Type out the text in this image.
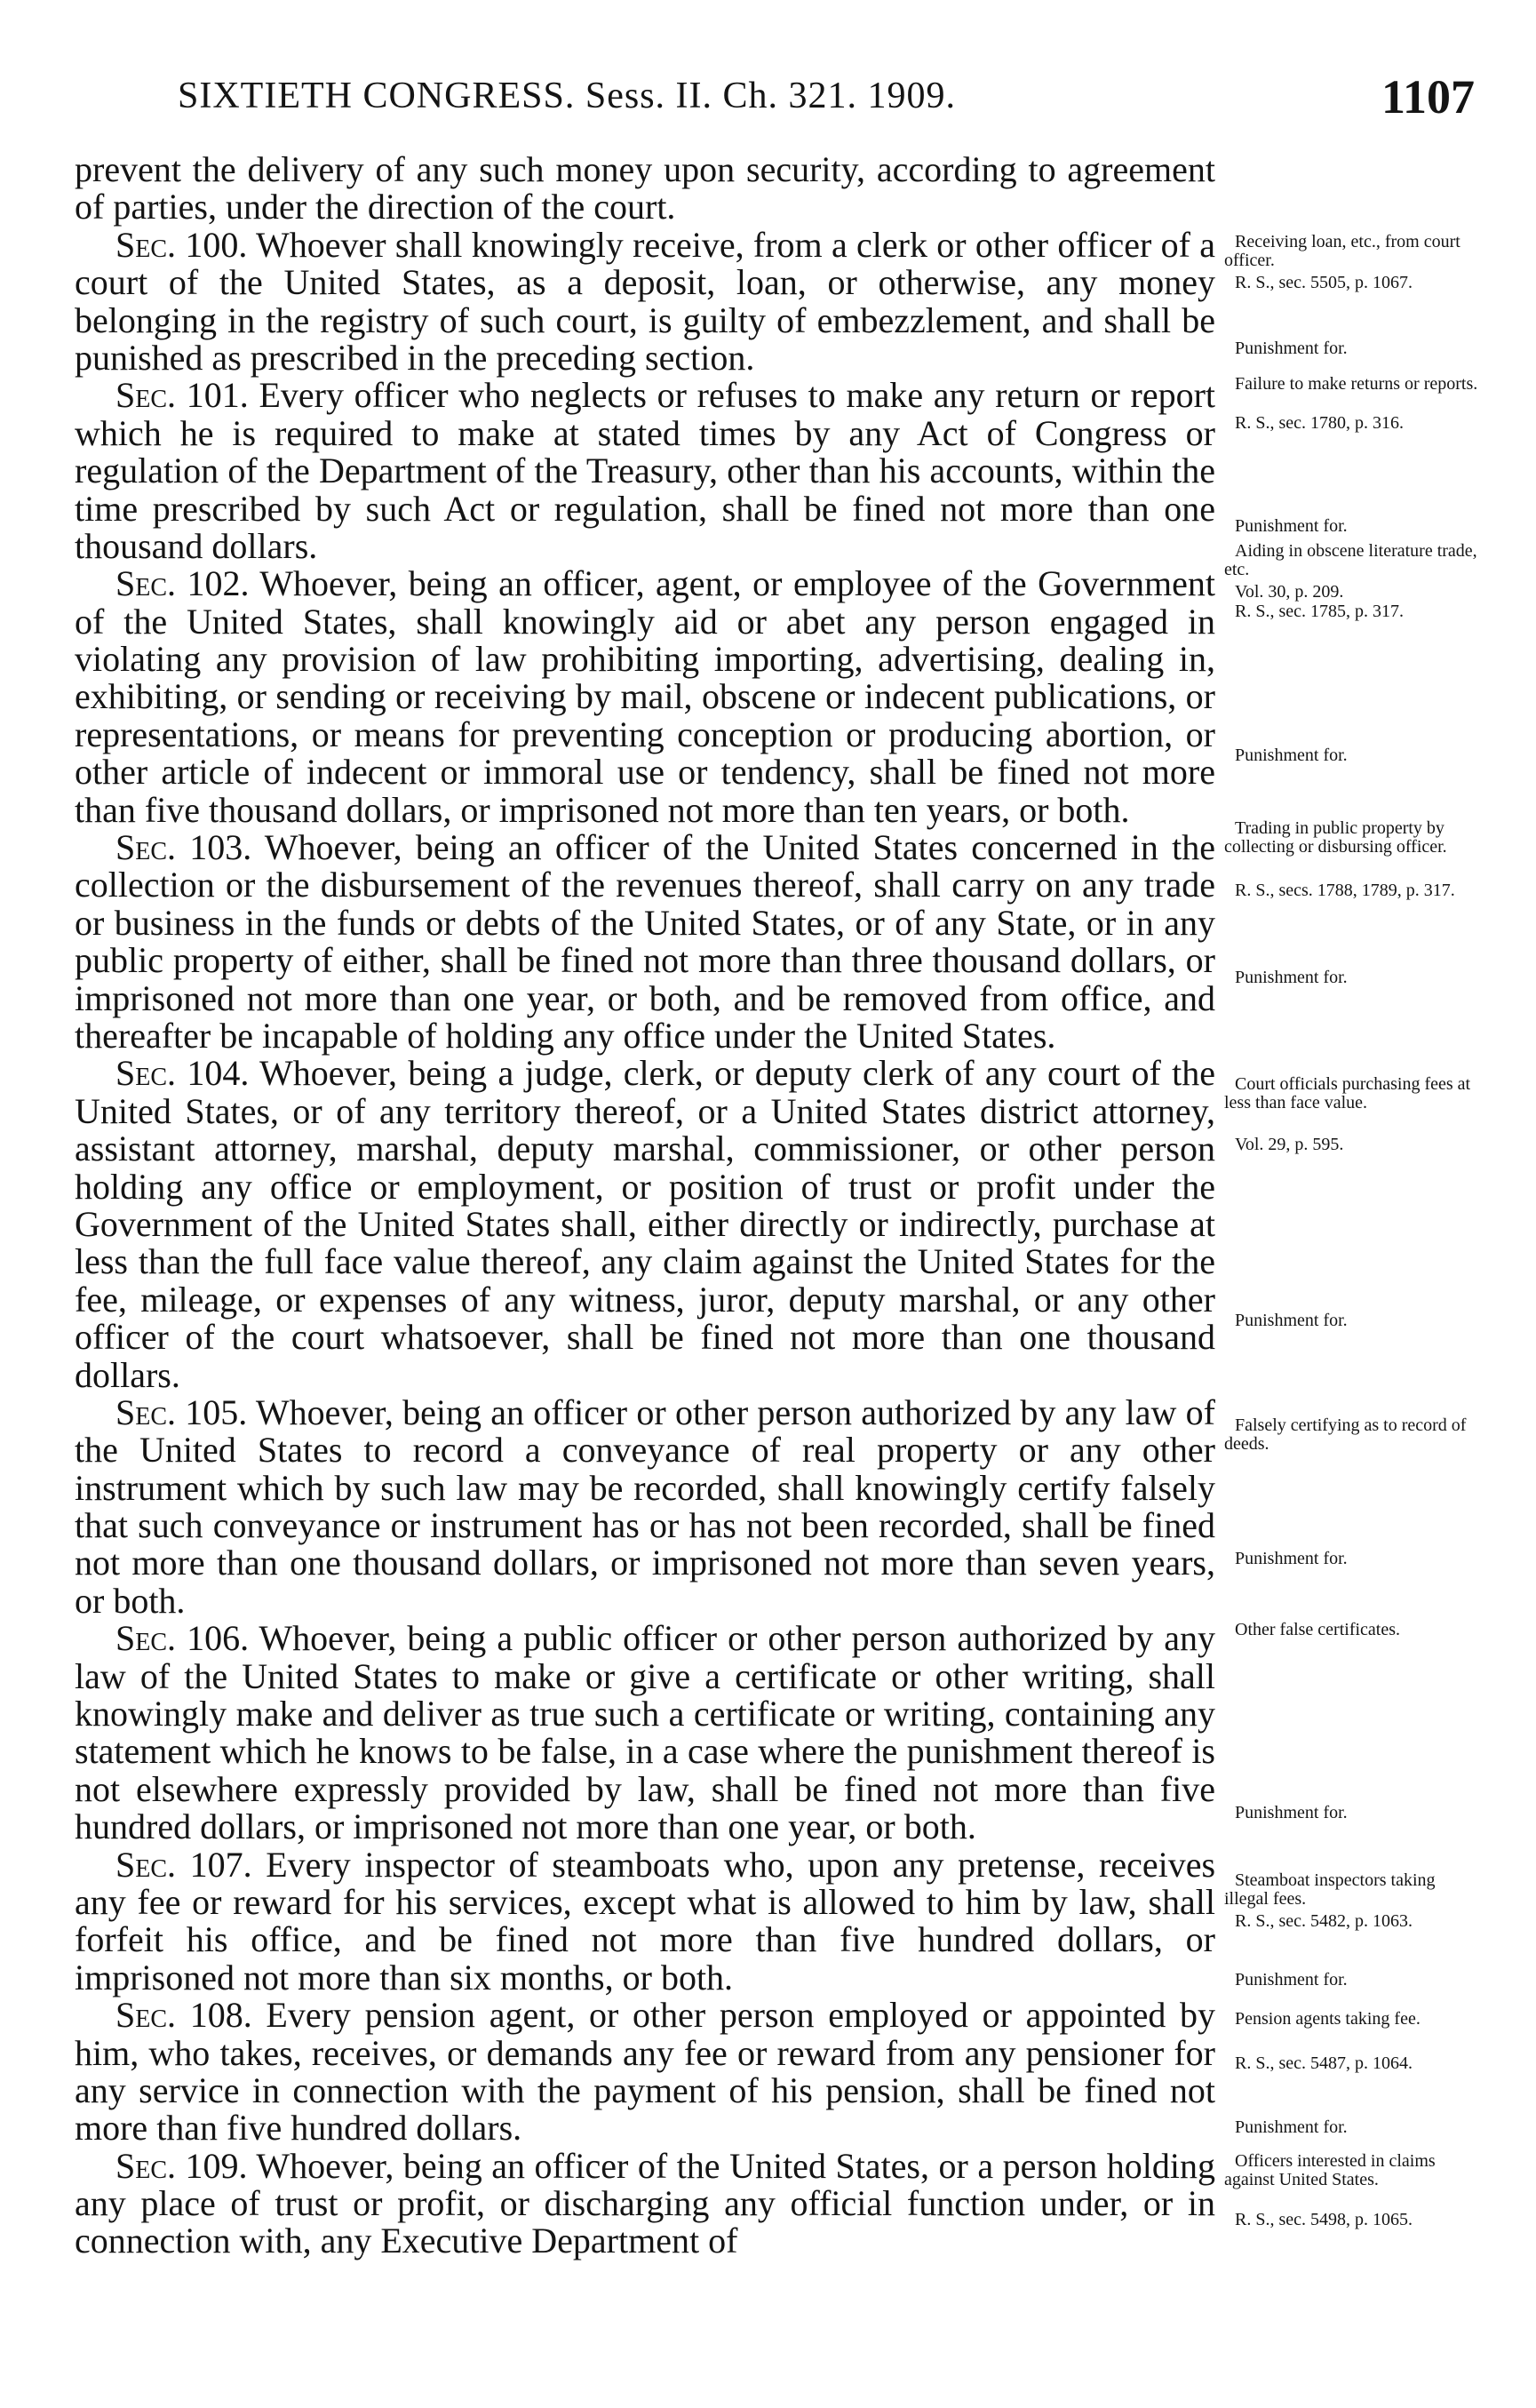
SIXTIETH CONGRESS. Sess. II. Ch. 321. 1909.	1107

prevent the delivery of any such money upon security, according to agreement of parties, under the direction of the court.

Sec. 100. Whoever shall knowingly receive, from a clerk or other officer of a court of the United States, as a deposit, loan, or otherwise, any money belonging in the registry of such court, is guilty of embezzlement, and shall be punished as prescribed in the preceding section.

Sec. 101. Every officer who neglects or refuses to make any return or report which he is required to make at stated times by any Act of Congress or regulation of the Department of the Treasury, other than his accounts, within the time prescribed by such Act or regulation, shall be fined not more than one thousand dollars.

Sec. 102. Whoever, being an officer, agent, or employee of the Government of the United States, shall knowingly aid or abet any person engaged in violating any provision of law prohibiting importing, advertising, dealing in, exhibiting, or sending or receiving by mail, obscene or indecent publications, or representations, or means for preventing conception or producing abortion, or other article of indecent or immoral use or tendency, shall be fined not more than five thousand dollars, or imprisoned not more than ten years, or both.

Sec. 103. Whoever, being an officer of the United States concerned in the collection or the disbursement of the revenues thereof, shall carry on any trade or business in the funds or debts of the United States, or of any State, or in any public property of either, shall be fined not more than three thousand dollars, or imprisoned not more than one year, or both, and be removed from office, and thereafter be incapable of holding any office under the United States.

Sec. 104. Whoever, being a judge, clerk, or deputy clerk of any court of the United States, or of any territory thereof, or a United States district attorney, assistant attorney, marshal, deputy marshal, commissioner, or other person holding any office or employment, or position of trust or profit under the Government of the United States shall, either directly or indirectly, purchase at less than the full face value thereof, any claim against the United States for the fee, mileage, or expenses of any witness, juror, deputy marshal, or any other officer of the court whatsoever, shall be fined not more than one thousand dollars.

Sec. 105. Whoever, being an officer or other person authorized by any law of the United States to record a conveyance of real property or any other instrument which by such law may be recorded, shall knowingly certify falsely that such conveyance or instrument has or has not been recorded, shall be fined not more than one thousand dollars, or imprisoned not more than seven years, or both.

Sec. 106. Whoever, being a public officer or other person authorized by any law of the United States to make or give a certificate or other writing, shall knowingly make and deliver as true such a certificate or writing, containing any statement which he knows to be false, in a case where the punishment thereof is not elsewhere expressly provided by law, shall be fined not more than five hundred dollars, or imprisoned not more than one year, or both.

Sec. 107. Every inspector of steamboats who, upon any pretense, receives any fee or reward for his services, except what is allowed to him by law, shall forfeit his office, and be fined not more than five hundred dollars, or imprisoned not more than six months, or both.

Sec. 108. Every pension agent, or other person employed or appointed by him, who takes, receives, or demands any fee or reward from any pensioner for any service in connection with the payment of his pension, shall be fined not more than five hundred dollars.

Sec. 109. Whoever, being an officer of the United States, or a person holding any place of trust or profit, or discharging any official function under, or in connection with, any Executive Department of

Receiving loan, etc., from court officer.

R. S., sec. 5505, p. 1067.

Punishment for.

Failure to make returns or reports.

R. S., sec. 1780, p. 316.

Punishment for.

Aiding in obscene literature trade, etc.

Vol. 30, p. 209.

R. S., sec. 1785, p. 317.

Punishment for.

Trading in public property by collecting or disbursing officer.

R. S., secs. 1788, 1789, p. 317.

Punishment for.

Court officials purchasing fees at less than face value.

Vol. 29, p. 595.

Punishment for.

Falsely certifying as to record of deeds.

Punishment for.

Other false certificates.

Punishment for.

Steamboat inspectors taking illegal fees.

R. S., sec. 5482, p. 1063.

Punishment for.

Pension agents taking fee.

R. S., sec. 5487, p. 1064.

Punishment for.

Officers interested in claims against United States.

R. S., sec. 5498, p. 1065.
